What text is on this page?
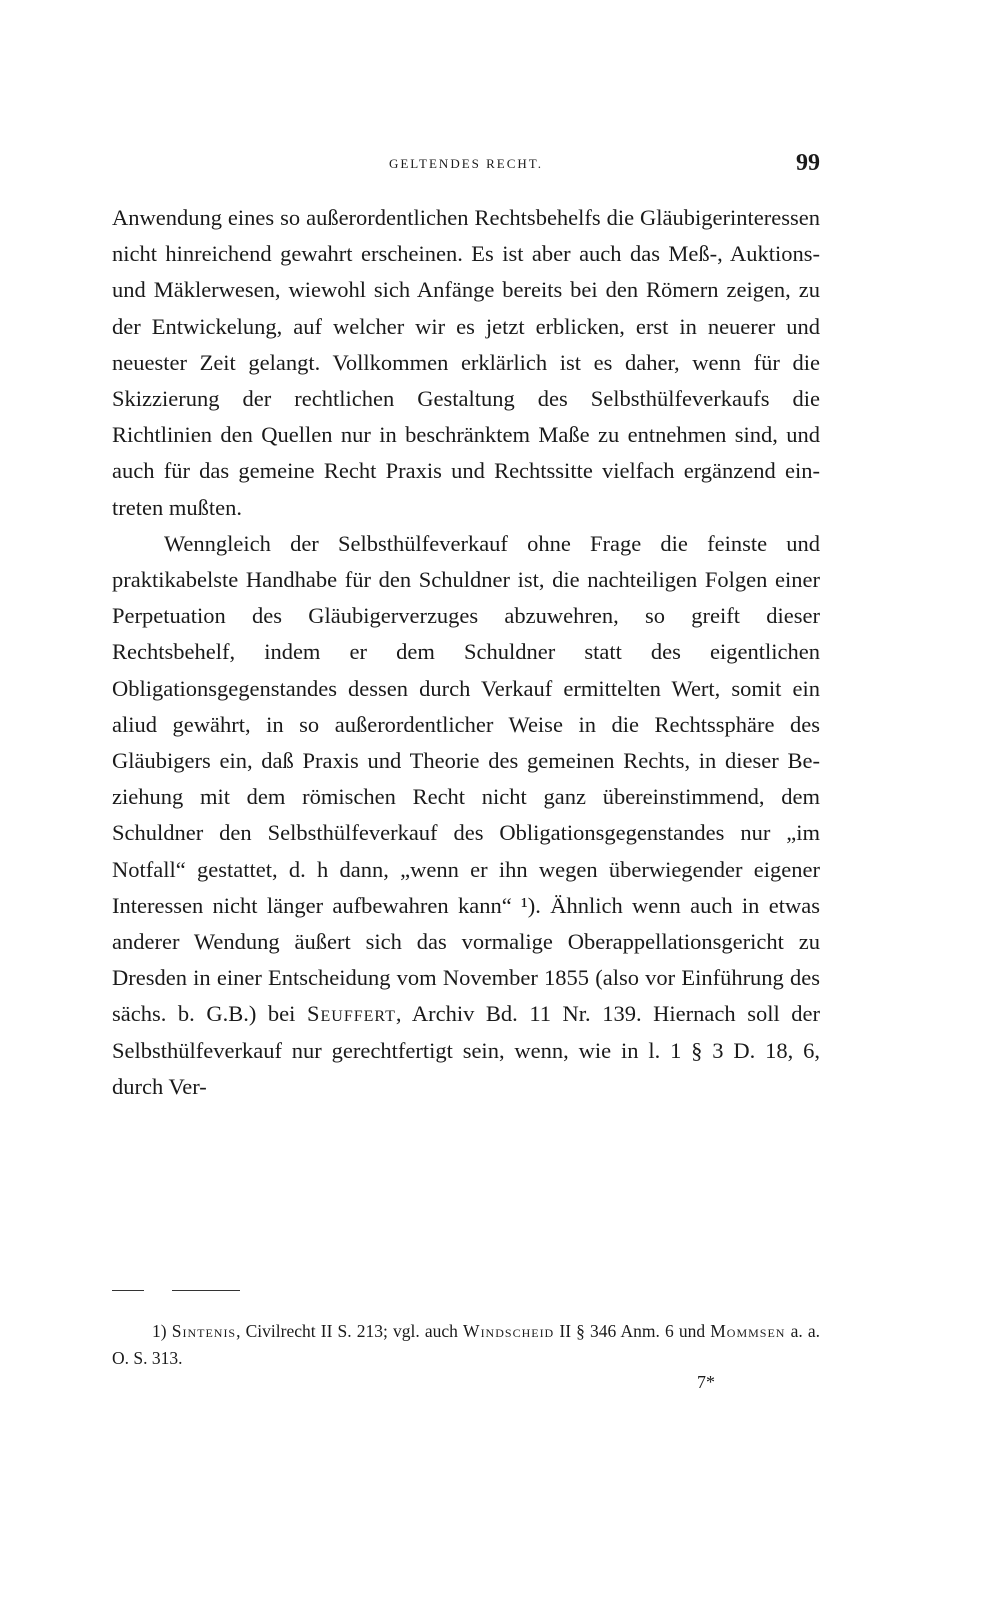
GELTENDES RECHT.	99

Anwendung eines so außerordentlichen Rechtsbehelfs die Gläubigerinteressen nicht hinreichend gewahrt erscheinen. Es ist aber auch das Meß-, Auktions- und Mäklerwesen, wiewohl sich Anfänge bereits bei den Römern zeigen, zu der Entwickelung, auf welcher wir es jetzt erblicken, erst in neuerer und neuester Zeit gelangt. Vollkommen erklärlich ist es daher, wenn für die Skizzierung der rechtlichen Gestaltung des Selbsthülfeverkaufs die Richtlinien den Quellen nur in beschränktem Maße zu entnehmen sind, und auch für das gemeine Recht Praxis und Rechtssitte vielfach ergänzend eintreten mußten.

Wenngleich der Selbsthülfeverkauf ohne Frage die feinste und praktikabelste Handhabe für den Schuldner ist, die nachteiligen Folgen einer Perpetuation des Gläubigerverzuges abzuwehren, so greift dieser Rechtsbehelf, indem er dem Schuldner statt des eigentlichen Obligationsgegenstandes dessen durch Verkauf ermittelten Wert, somit ein aliud gewährt, in so außerordentlicher Weise in die Rechtssphäre des Gläubigers ein, daß Praxis und Theorie des gemeinen Rechts, in dieser Beziehung mit dem römischen Recht nicht ganz übereinstimmend, dem Schuldner den Selbsthülfeverkauf des Obligationsgegenstandes nur „im Notfall“ gestattet, d. h dann, „wenn er ihn wegen überwiegender eigener Interessen nicht länger aufbewahren kann“ ¹). Ähnlich wenn auch in etwas anderer Wendung äußert sich das vormalige Oberappellationsgericht zu Dresden in einer Entscheidung vom November 1855 (also vor Einführung des sächs. b. G.B.) bei Seuffert, Archiv Bd. 11 Nr. 139. Hiernach soll der Selbsthülfeverkauf nur gerechtfertigt sein, wenn, wie in l. 1 § 3 D. 18, 6, durch Ver-

1) Sintenis, Civilrecht II S. 213; vgl. auch Windscheid II § 346 Anm. 6 und Mommsen a. a. O. S. 313.

7*
